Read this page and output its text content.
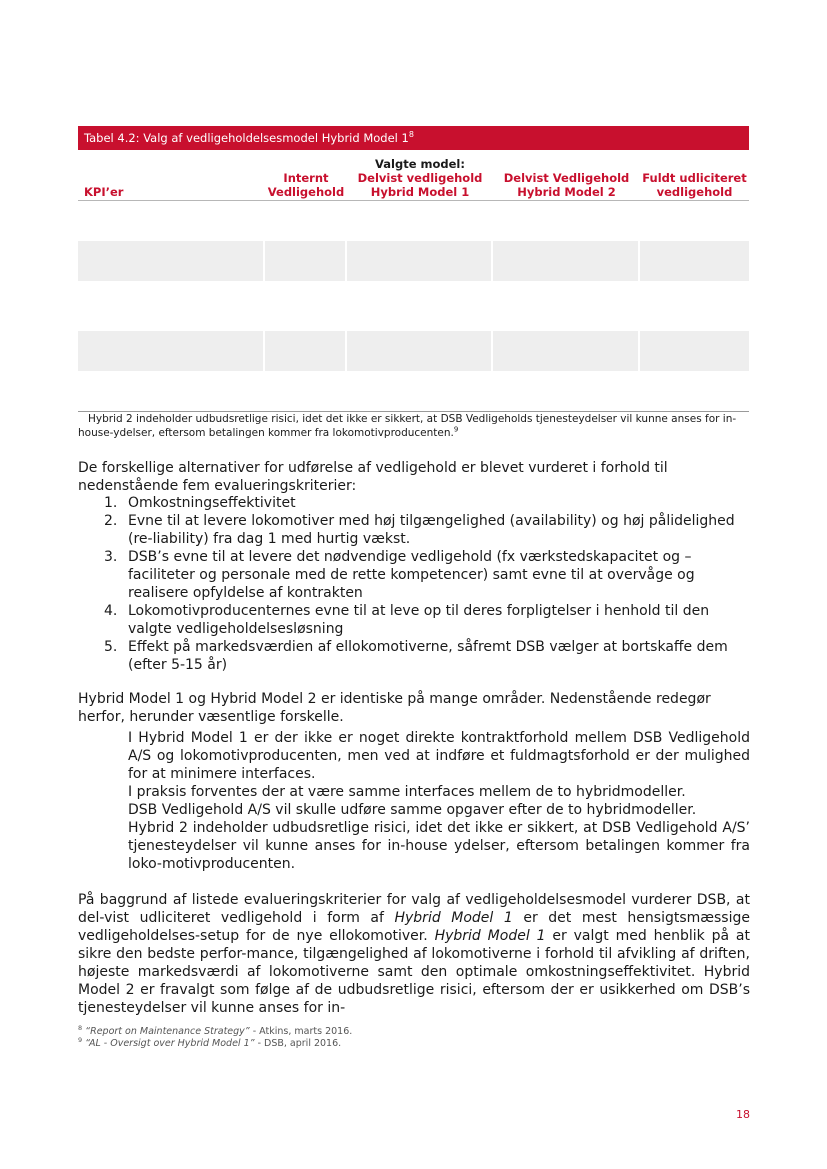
Tabel 4.2: Valg af vedligeholdelsesmodel Hybrid Model $1^8$
KPI’er
Internt
Vedligehold
Valgte model:
Delvist vedligehold
Hybrid Model 1
Delvist Vedligehold
Hybrid Model 2
Fuldt udliciteret
vedligehold
Hybrid 2 indeholder udbudsretlige risici, idet det ikke er sikkert, at DSB Vedligeholds tjenesteydelser vil kunne anses for in-house-ydelser, eftersom betalingen kommer fra lokomotivproducenten.$^9$
De forskellige alternativer for udførelse af vedligehold er blevet vurderet i forhold til nedenstående fem evalueringskriterier:
1. Omkostningseffektivitet
2. Evne til at levere lokomotiver med høj tilgængelighed (availability) og høj pålidelighed (re-liability) fra dag 1 med hurtig vækst.
3. DSB’s evne til at levere det nødvendige vedligehold (fx værkstedskapacitet og –faciliteter og personale med de rette kompetencer) samt evne til at overvåge og realisere opfyldelse af kontrakten
4. Lokomotivproducenternes evne til at leve op til deres forpligtelser i henhold til den valgte vedligeholdelsesløsning
5. Effekt på markedsværdien af ellokomotiverne, såfremt DSB vælger at bortskaffe dem (efter 5-15 år)
Hybrid Model 1 og Hybrid Model 2 er identiske på mange områder. Nedenstående redegør herfor, herunder væsentlige forskelle.
I Hybrid Model 1 er der ikke er noget direkte kontraktforhold mellem DSB Vedligehold A/S og lokomotivproducenten, men ved at indføre et fuldmagtsforhold er der mulighed for at minimere interfaces.
I praksis forventes der at være samme interfaces mellem de to hybridmodeller.
DSB Vedligehold A/S vil skulle udføre samme opgaver efter de to hybridmodeller.
Hybrid 2 indeholder udbudsretlige risici, idet det ikke er sikkert, at DSB Vedligehold A/S’ tjenesteydelser vil kunne anses for in-house ydelser, eftersom betalingen kommer fra loko-motivproducenten.
På baggrund af listede evalueringskriterier for valg af vedligeholdelsesmodel vurderer DSB, at del-vist udliciteret vedligehold i form af Hybrid Model 1 er det mest hensigtsmæssige vedligeholdelses-setup for de nye ellokomotiver. Hybrid Model 1 er valgt med henblik på at sikre den bedste perfor-mance, tilgængelighed af lokomotiverne i forhold til afvikling af driften, højeste markedsværdi af lokomotiverne samt den optimale omkostningseffektivitet. Hybrid Model 2 er fravalgt som følge af de udbudsretlige risici, eftersom der er usikkerhed om DSB’s tjenesteydelser vil kunne anses for in-
$^8$ “Report on Maintenance Strategy” - Atkins, marts 2016.
$^9$ “AL - Oversigt over Hybrid Model 1” - DSB, april 2016.
18
